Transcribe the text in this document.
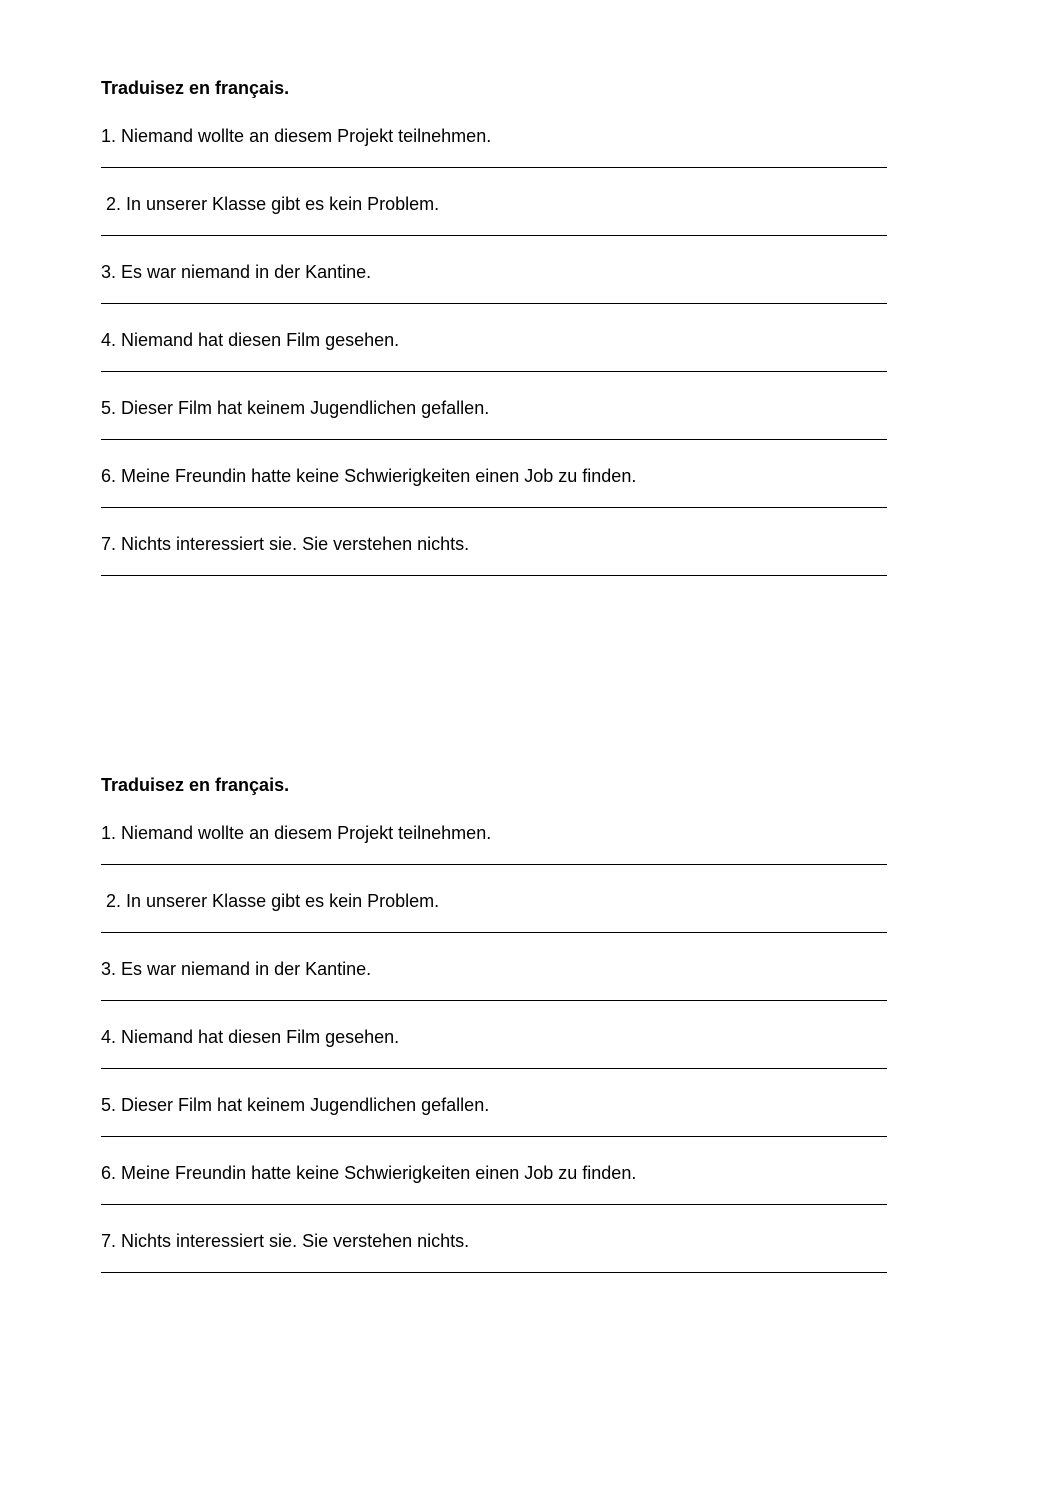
Traduisez en français.
1. Niemand wollte an diesem Projekt teilnehmen.
2. In unserer Klasse gibt es kein Problem.
3. Es war niemand in der Kantine.
4. Niemand hat diesen Film gesehen.
5. Dieser Film hat keinem Jugendlichen gefallen.
6. Meine Freundin hatte keine Schwierigkeiten einen Job zu finden.
7. Nichts interessiert sie. Sie verstehen nichts.
Traduisez en français.
1. Niemand wollte an diesem Projekt teilnehmen.
2. In unserer Klasse gibt es kein Problem.
3. Es war niemand in der Kantine.
4. Niemand hat diesen Film gesehen.
5. Dieser Film hat keinem Jugendlichen gefallen.
6. Meine Freundin hatte keine Schwierigkeiten einen Job zu finden.
7. Nichts interessiert sie. Sie verstehen nichts.
